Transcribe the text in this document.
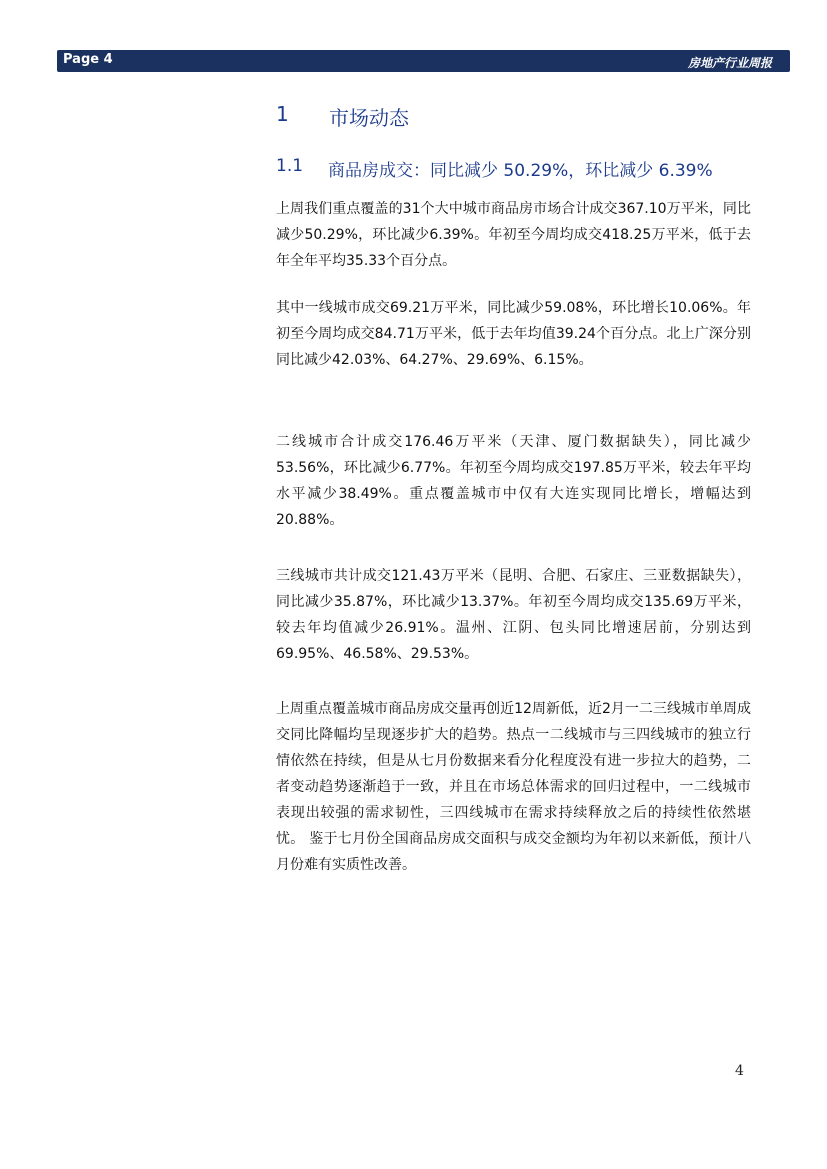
Page 4	房地产行业周报
1 市场动态
1.1 商品房成交：同比减少 50.29%，环比减少 6.39%

上周我们重点覆盖的31个大中城市商品房市场合计成交367.10万平米，同比减少50.29%，环比减少6.39%。年初至今周均成交418.25万平米，低于去年全年平均35.33个百分点。

其中一线城市成交69.21万平米，同比减少59.08%，环比增长10.06%。年初至今周均成交84.71万平米，低于去年均值39.24个百分点。北上广深分别同比减少42.03%、64.27%、29.69%、6.15%。

二线城市合计成交176.46万平米（天津、厦门数据缺失），同比减少53.56%，环比减少6.77%。年初至今周均成交197.85万平米，较去年平均水平减少38.49%。重点覆盖城市中仅有大连实现同比增长，增幅达到20.88%。

三线城市共计成交121.43万平米（昆明、合肥、石家庄、三亚数据缺失），同比减少35.87%，环比减少13.37%。年初至今周均成交135.69万平米，较去年均值减少26.91%。温州、江阴、包头同比增速居前，分别达到69.95%、46.58%、29.53%。

上周重点覆盖城市商品房成交量再创近12周新低，近2月一二三线城市单周成交同比降幅均呈现逐步扩大的趋势。热点一二线城市与三四线城市的独立行情依然在持续，但是从七月份数据来看分化程度没有进一步拉大的趋势，二者变动趋势逐渐趋于一致，并且在市场总体需求的回归过程中，一二线城市表现出较强的需求韧性，三四线城市在需求持续释放之后的持续性依然堪忧。 鉴于七月份全国商品房成交面积与成交金额均为年初以来新低，预计八月份难有实质性改善。

4
